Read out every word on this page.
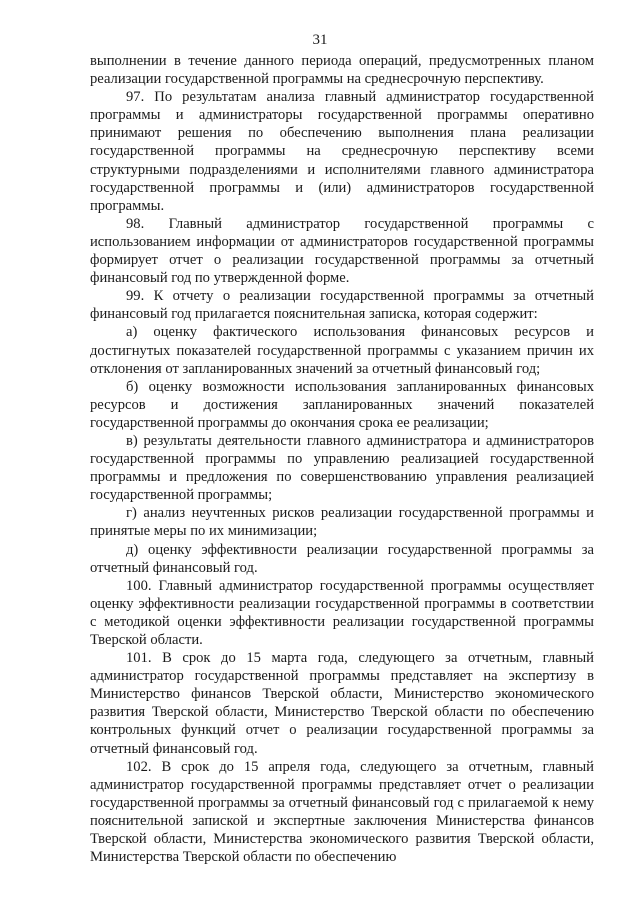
31

выполнении в течение данного периода операций, предусмотренных планом реализации государственной программы на среднесрочную перспективу.

97. По результатам анализа главный администратор государственной программы и администраторы государственной программы оперативно принимают решения по обеспечению выполнения плана реализации государственной программы на среднесрочную перспективу всеми структурными подразделениями и исполнителями главного администратора государственной программы и (или) администраторов государственной программы.

98. Главный администратор государственной программы с использованием информации от администраторов государственной программы формирует отчет о реализации государственной программы за отчетный финансовый год по утвержденной форме.

99. К отчету о реализации государственной программы за отчетный финансовый год прилагается пояснительная записка, которая содержит:

а) оценку фактического использования финансовых ресурсов и достигнутых показателей государственной программы с указанием причин их отклонения от запланированных значений за отчетный финансовый год;

б) оценку возможности использования запланированных финансовых ресурсов и достижения запланированных значений показателей государственной программы до окончания срока ее реализации;

в) результаты деятельности главного администратора и администраторов государственной программы по управлению реализацией государственной программы и предложения по совершенствованию управления реализацией государственной программы;

г) анализ неучтенных рисков реализации государственной программы и принятые меры по их минимизации;

д) оценку эффективности реализации государственной программы за отчетный финансовый год.

100. Главный администратор государственной программы осуществляет оценку эффективности реализации государственной программы в соответствии с методикой оценки эффективности реализации государственной программы Тверской области.

101. В срок до 15 марта года, следующего за отчетным, главный администратор государственной программы представляет на экспертизу в Министерство финансов Тверской области, Министерство экономического развития Тверской области, Министерство Тверской области по обеспечению контрольных функций отчет о реализации государственной программы за отчетный финансовый год.

102. В срок до 15 апреля года, следующего за отчетным, главный администратор государственной программы представляет отчет о реализации государственной программы за отчетный финансовый год с прилагаемой к нему пояснительной запиской и экспертные заключения Министерства финансов Тверской области, Министерства экономического развития Тверской области, Министерства Тверской области по обеспечению
